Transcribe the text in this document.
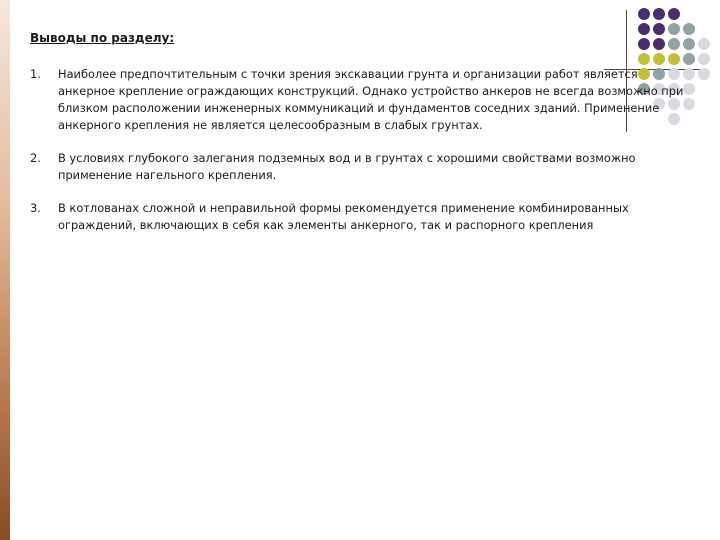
Выводы по разделу:
1.	Наиболее предпочтительным с точки зрения экскавации грунта и организации работ является анкерное крепление ограждающих конструкций. Однако устройство анкеров не всегда возможно при близком расположении инженерных коммуникаций и фундаментов соседних зданий. Применение анкерного крепления не является целесообразным в слабых грунтах.
2.	В условиях глубокого залегания подземных вод и в грунтах с хорошими свойствами возможно применение нагельного крепления.
3.	В котлованах сложной и неправильной формы рекомендуется применение комбинированных ограждений, включающих в себя как элементы анкерного, так и распорного крепления
